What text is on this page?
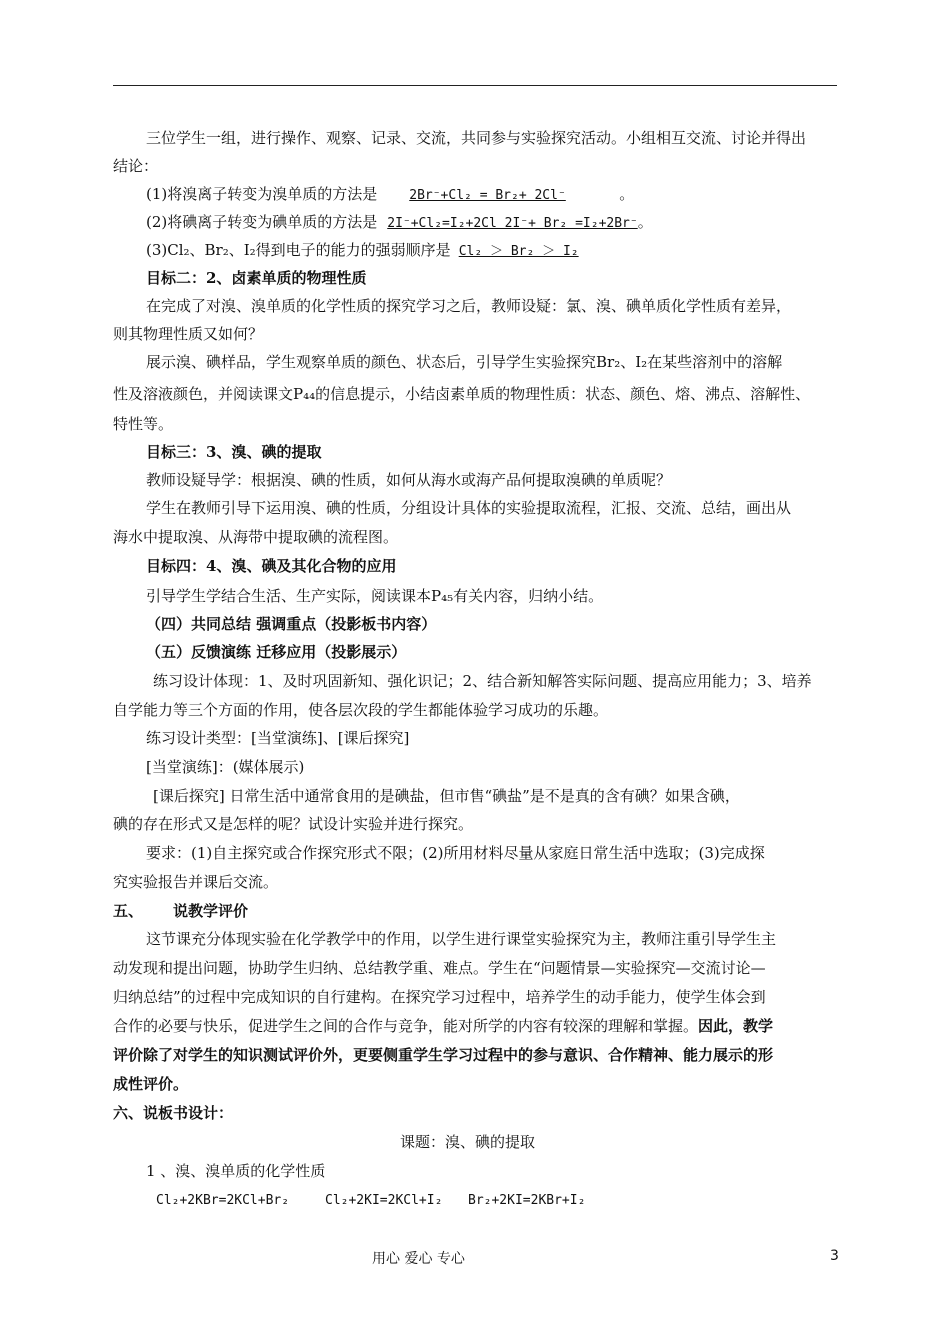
三位学生一组，进行操作、观察、记录、交流，共同参与实验探究活动。小组相互交流、讨论并得出
结论：
(1)将溴离子转变为溴单质的方法是 2Br⁻+Cl₂ = Br₂+ 2Cl⁻	。
(2)将碘离子转变为碘单质的方法是 2I⁻+Cl₂=I₂+2Cl 2I⁻+ Br₂ =I₂+2Br⁻。
(3)Cl₂、Br₂、I₂得到电子的能力的强弱顺序是 Cl₂ ＞ Br₂ ＞ I₂
目标二：2、卤素单质的物理性质
在完成了对溴、溴单质的化学性质的探究学习之后，教师设疑：氯、溴、碘单质化学性质有差异，
则其物理性质又如何？
展示溴、碘样品，学生观察单质的颜色、状态后，引导学生实验探究Br₂、I₂在某些溶剂中的溶解
性及溶液颜色，并阅读课文P₄₄的信息提示，小结卤素单质的物理性质：状态、颜色、熔、沸点、溶解性、
特性等。
目标三：3、溴、碘的提取
教师设疑导学：根据溴、碘的性质，如何从海水或海产品何提取溴碘的单质呢？
学生在教师引导下运用溴、碘的性质，分组设计具体的实验提取流程，汇报、交流、总结，画出从
海水中提取溴、从海带中提取碘的流程图。
目标四：4、溴、碘及其化合物的应用
引导学生学结合生活、生产实际，阅读课本P₄₅有关内容，归纳小结。
（四）共同总结 强调重点（投影板书内容）
（五）反馈演练 迁移应用（投影展示）
练习设计体现：1、及时巩固新知、强化识记；2、结合新知解答实际问题、提高应用能力；3、培养
自学能力等三个方面的作用，使各层次段的学生都能体验学习成功的乐趣。
练习设计类型：[当堂演练]、[课后探究]
[当堂演练]：(媒体展示)
[课后探究] 日常生活中通常食用的是碘盐，但市售“碘盐”是不是真的含有碘？如果含碘，
碘的存在形式又是怎样的呢？试设计实验并进行探究。
要求：(1)自主探究或合作探究形式不限；(2)所用材料尽量从家庭日常生活中选取；(3)完成探
究实验报告并课后交流。
五、 说教学评价
这节课充分体现实验在化学教学中的作用，以学生进行课堂实验探究为主，教师注重引导学生主
动发现和提出问题，协助学生归纳、总结教学重、难点。学生在“问题情景—实验探究—交流讨论—
归纳总结”的过程中完成知识的自行建构。在探究学习过程中，培养学生的动手能力，使学生体会到
合作的必要与快乐，促进学生之间的合作与竞争，能对所学的内容有较深的理解和掌握。因此，教学
评价除了对学生的知识测试评价外，更要侧重学生学习过程中的参与意识、合作精神、能力展示的形
成性评价。
六、说板书设计：
课题：溴、碘的提取
1 、溴、溴单质的化学性质
Cl₂+2KBr=2KCl+Br₂	Cl₂+2KI=2KCl+I₂ Br₂+2KI=2KBr+I₂
用心 爱心 专心	3
